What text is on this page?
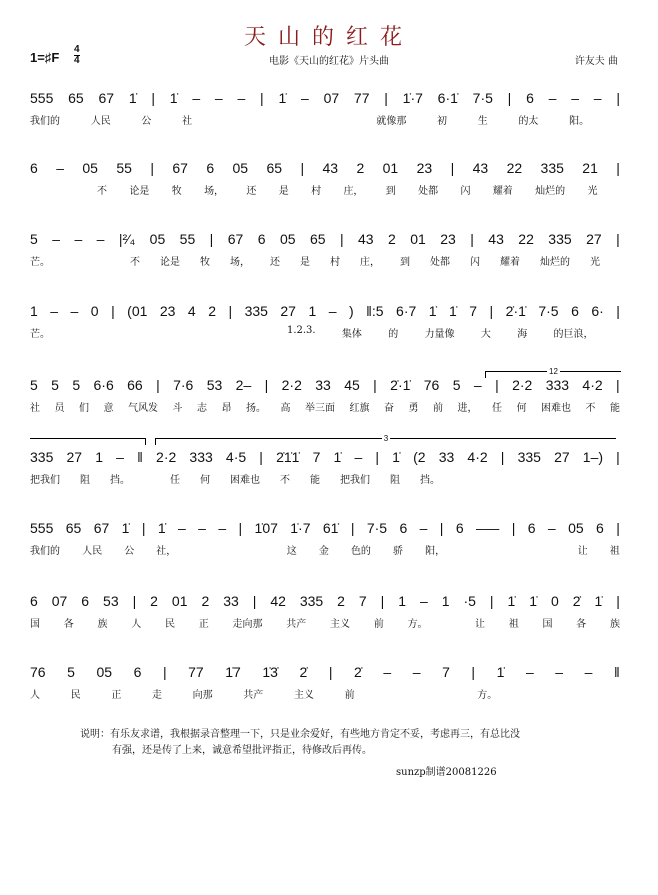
天山的红花
1=♯F
4
4	电影《天山的红花》片头曲	许友夫 曲
555 65 67 1̇ | 1̇ – – – | 1̇ – 07 77 | 1̇·7 6·1̇ 7·5 | 6 – – – |
我们的	人民	公	社	就像那	初	生	的太	阳。
6 – 05 55 | 67 6 05 65 | 43 2 01 23 | 43 22 335 21 |
不 论是 牧 场， 还 是 村 庄， 到 处都 闪 耀着 灿烂的 光
5 – – – |²⁄₄ 05 55 | 67 6 05 65 | 43 2 01 23 | 43 22 335 27 |
芒。	不 论是 牧 场， 还 是 村 庄， 到 处都 闪 耀着 灿烂的 光
1 – – 0 | (01 23 4 2 | 335 27 1 – ) ‖:5 6·7 1̇ 1̇ 7 | 2̇·1̇ 7·5 6 6· |
芒。	1.2.3.	集体	的	力量像	大	海	的巨浪，
5 5 5 6·6 66 | 7·6 53 2– | 2·2 33 45 | 2̇·1̇ 76 5 – | 2·2 333 4·2 |
社 员 们 意 气风发 斗 志 昂 扬。 高 举三面 红旗 奋 勇 前 进， 任 何 困难也 不 能
335 27 1 – ‖ 2·2 333 4·5 | 2̇1̇1̇ 7 1̇ – | 1̇ (2 33 4·2 | 335 27 1–) |
把我们 阻 挡。	任 何 困难也 不 能 把我们 阻 挡。
555 65 67 1̇ | 1̇ – – – | 1̇07 1̇·7 61̇ | 7·5 6 – | 6 ––– | 6 – 05 6 |
我们的 人民 公 社，	这 金 色的 骄 阳，	让 祖
6 07 6 53 | 2 01 2 33 | 42 335 2 7 | 1 – 1 ·5 | 1̇ 1̇ 0 2̇ 1̇ |
国 各 族 人 民 正 走向那 共产 主义 前 方。	让 祖 国 各 族
76 5 05 6 | 77 1̇7 1̇3̇ 2̇ | 2̇ – – 7 | 1̇ – – – ‖
人	民	正	走	向那	共产	主义	前	方。
12
3
说明：有乐友求谱，我根据录音整理一下，只是业余爱好，有些地方肯定不妥，考虑再三，有总比没
有强，还是传了上来，诚意希望批评指正，待修改后再传。
sunzp制谱20081226
